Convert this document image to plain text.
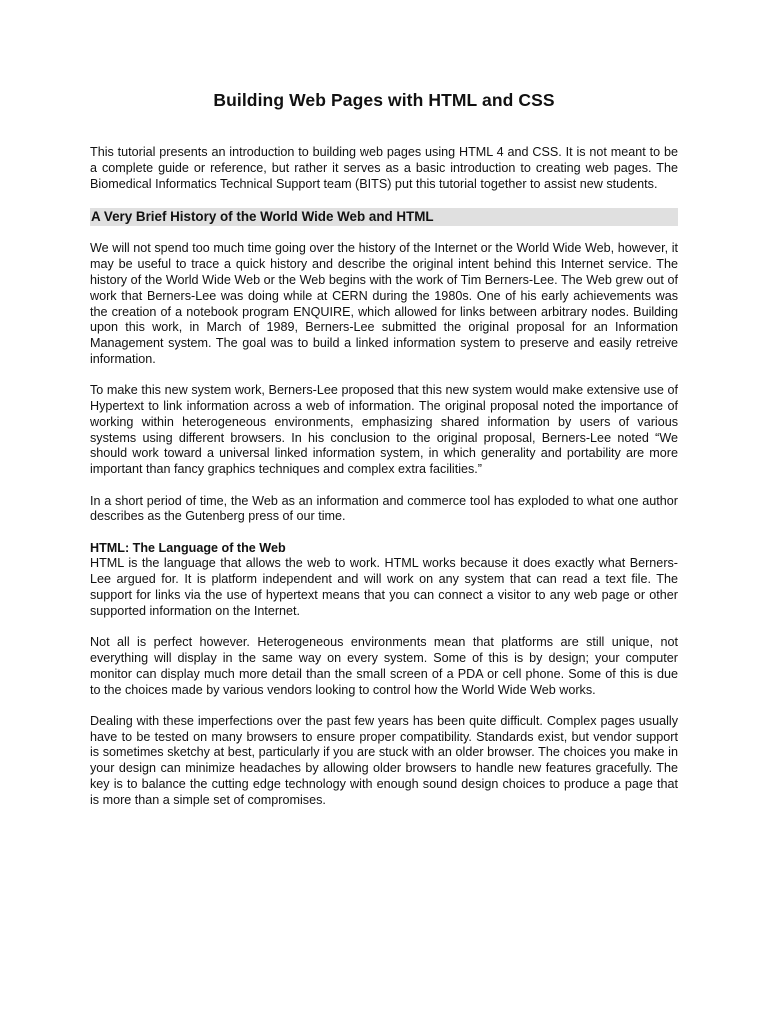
Building Web Pages with HTML and CSS

This tutorial presents an introduction to building web pages using HTML 4 and CSS. It is not meant to be a complete guide or reference, but rather it serves as a basic introduction to creating web pages. The Biomedical Informatics Technical Support team (BITS) put this tutorial together to assist new students.

A Very Brief History of the World Wide Web and HTML

We will not spend too much time going over the history of the Internet or the World Wide Web, however, it may be useful to trace a quick history and describe the original intent behind this Internet service. The history of the World Wide Web or the Web begins with the work of Tim Berners-Lee. The Web grew out of work that Berners-Lee was doing while at CERN during the 1980s. One of his early achievements was the creation of a notebook program ENQUIRE, which allowed for links between arbitrary nodes. Building upon this work, in March of 1989, Berners-Lee submitted the original proposal for an Information Management system. The goal was to build a linked information system to preserve and easily retreive information.

To make this new system work, Berners-Lee proposed that this new system would make extensive use of Hypertext to link information across a web of information. The original proposal noted the importance of working within heterogeneous environments, emphasizing shared information by users of various systems using different browsers. In his conclusion to the original proposal, Berners-Lee noted “We should work toward a universal linked information system, in which generality and portability are more important than fancy graphics techniques and complex extra facilities.”

In a short period of time, the Web as an information and commerce tool has exploded to what one author describes as the Gutenberg press of our time.

HTML: The Language of the Web

HTML is the language that allows the web to work. HTML works because it does exactly what Berners-Lee argued for. It is platform independent and will work on any system that can read a text file. The support for links via the use of hypertext means that you can connect a visitor to any web page or other supported information on the Internet.

Not all is perfect however. Heterogeneous environments mean that platforms are still unique, not everything will display in the same way on every system. Some of this is by design; your computer monitor can display much more detail than the small screen of a PDA or cell phone. Some of this is due to the choices made by various vendors looking to control how the World Wide Web works.

Dealing with these imperfections over the past few years has been quite difficult. Complex pages usually have to be tested on many browsers to ensure proper compatibility. Standards exist, but vendor support is sometimes sketchy at best, particularly if you are stuck with an older browser. The choices you make in your design can minimize headaches by allowing older browsers to handle new features gracefully. The key is to balance the cutting edge technology with enough sound design choices to produce a page that is more than a simple set of compromises.
